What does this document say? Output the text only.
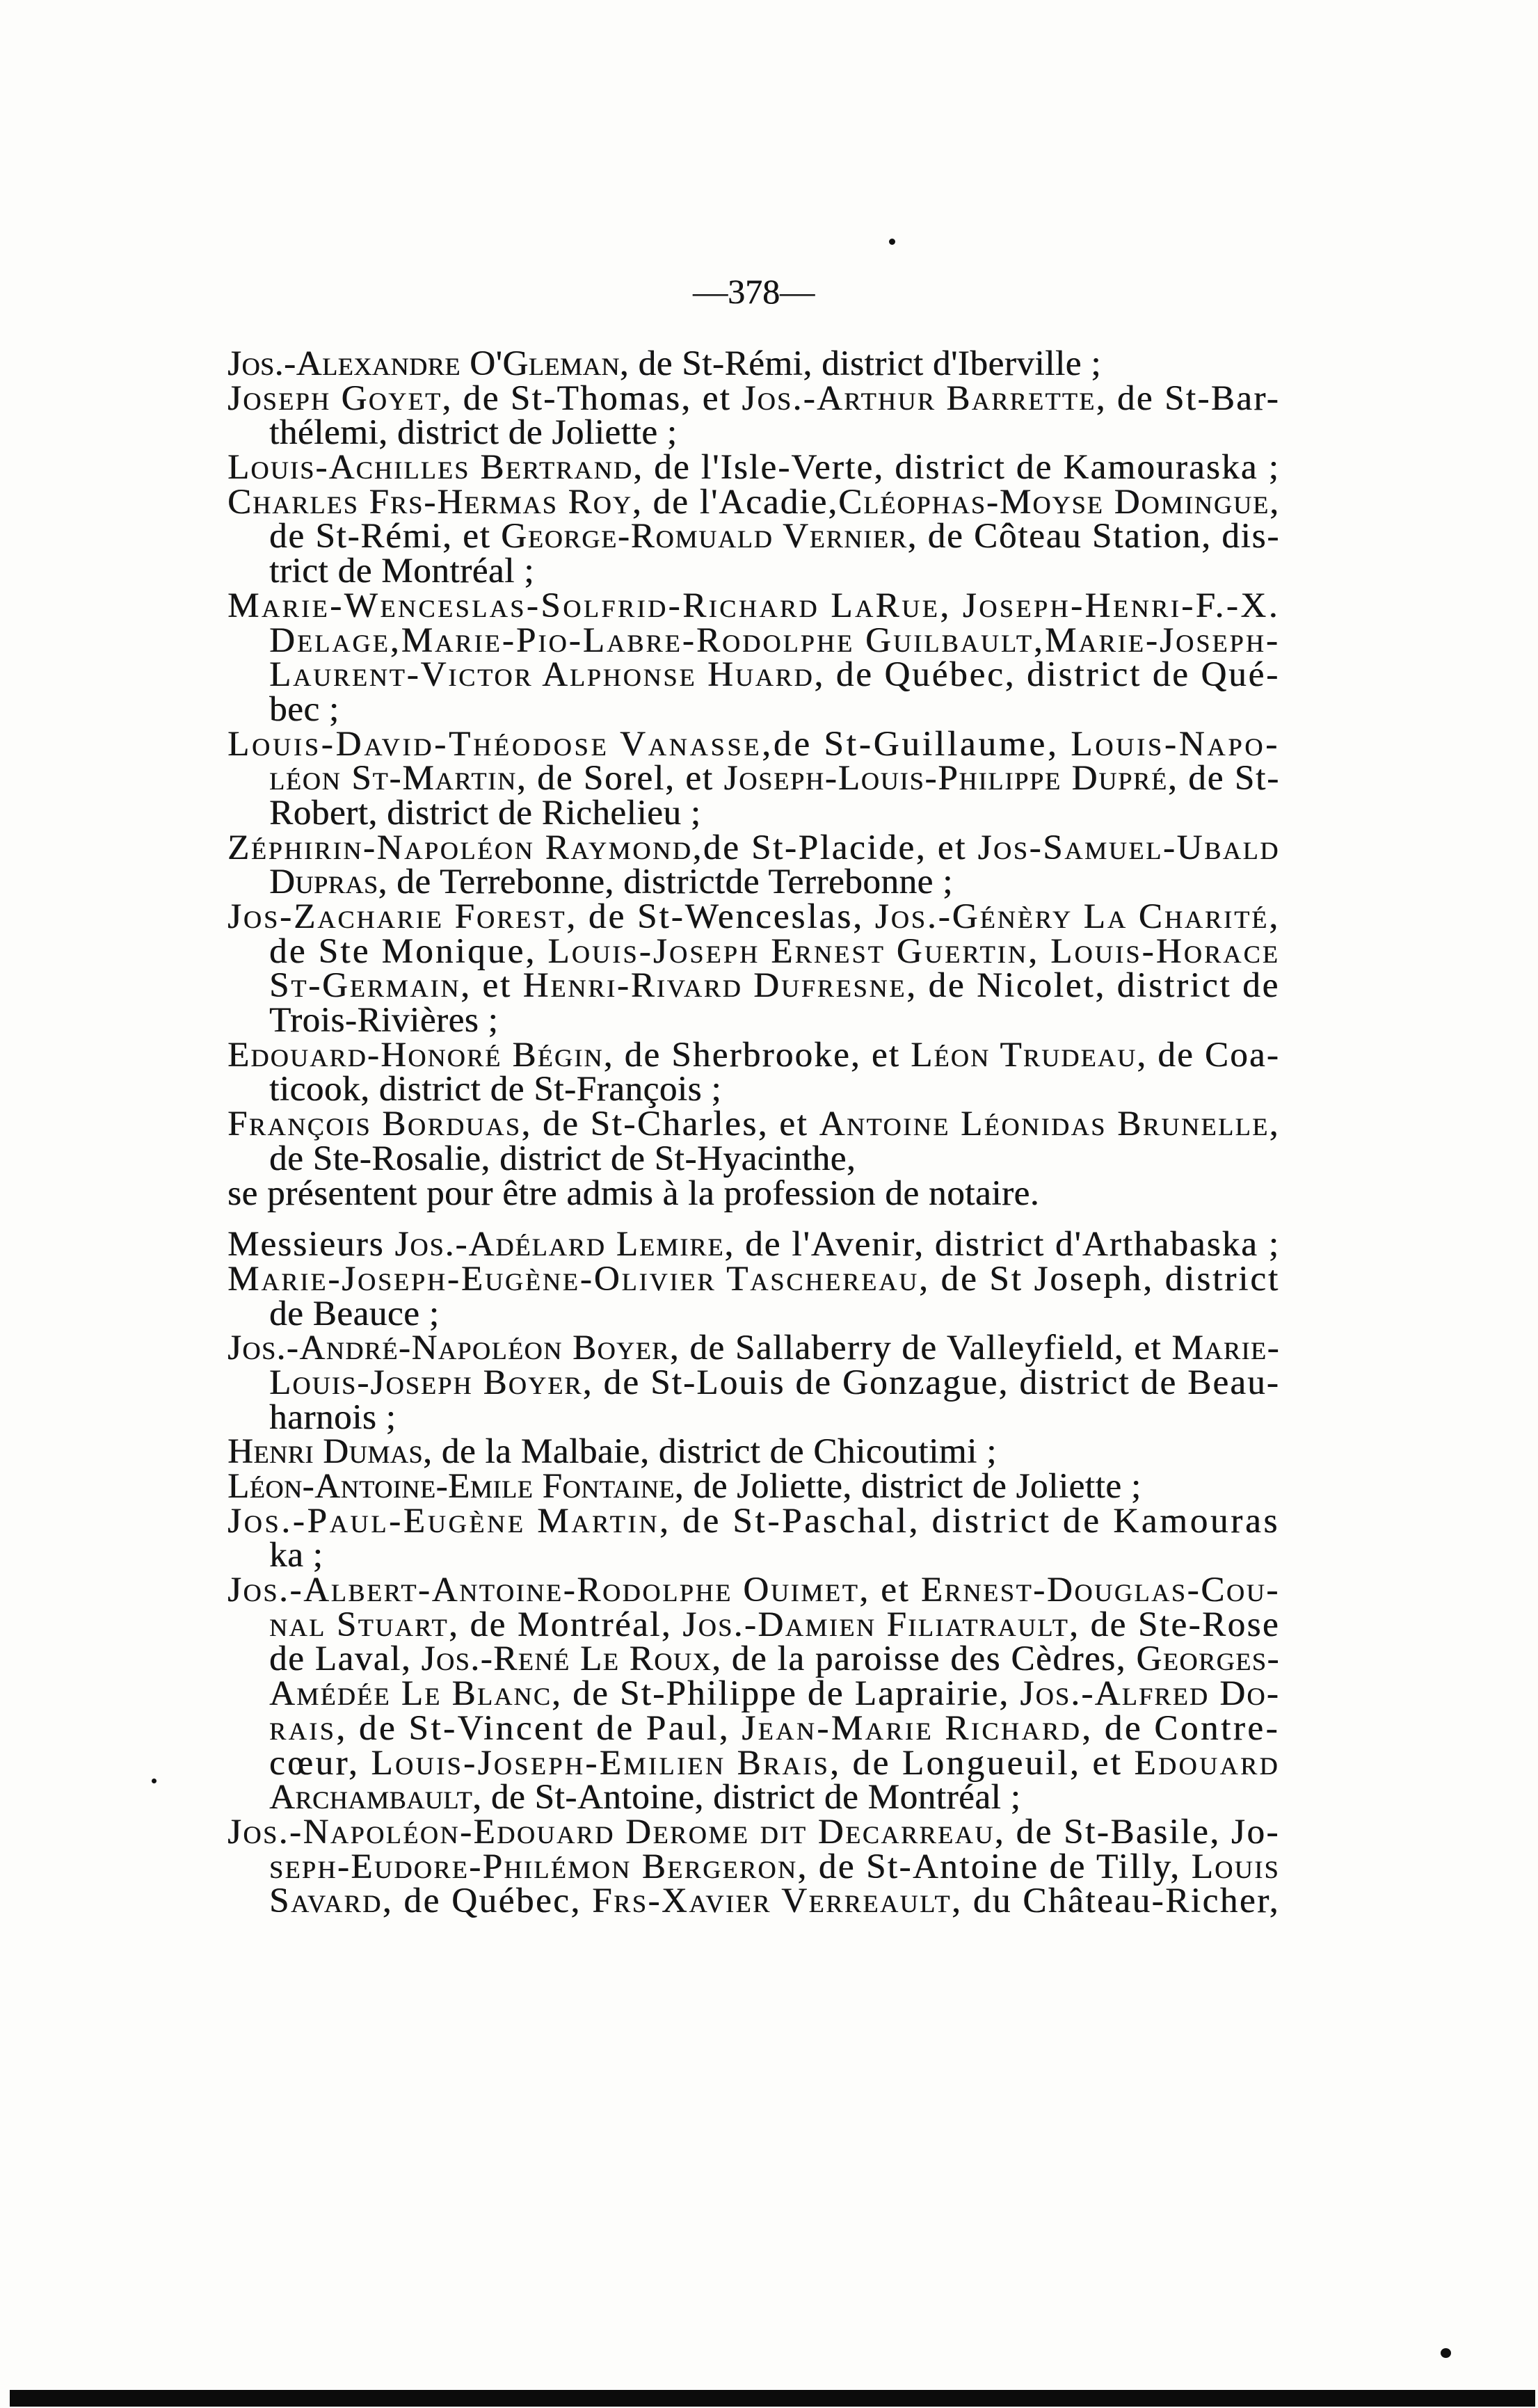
—378—
Jos.-Alexandre O'Gleman, de St-Rémi, district d'Iberville ;
Joseph Goyet, de St-Thomas, et Jos.-Arthur Barrette, de St-Bar-
thélemi, district de Joliette ;
Louis-Achilles Bertrand, de l'Isle-Verte, district de Kamouraska ;
Charles Frs-Hermas Roy, de l'Acadie,Cléophas-Moyse Domingue,
de St-Rémi, et George-Romuald Vernier, de Côteau Station, dis-
trict de Montréal ;
Marie-Wenceslas-Solfrid-Richard LaRue, Joseph-Henri-F.-X.
Delage,Marie-Pio-Labre-Rodolphe Guilbault,Marie-Joseph-
Laurent-Victor Alphonse Huard, de Québec, district de Qué-
bec ;
Louis-David-Théodose Vanasse,de St-Guillaume, Louis-Napo-
léon St-Martin, de Sorel, et Joseph-Louis-Philippe Dupré, de St-
Robert, district de Richelieu ;
Zéphirin-Napoléon Raymond,de St-Placide, et Jos-Samuel-Ubald
Dupras, de Terrebonne, districtde Terrebonne ;
Jos-Zacharie Forest, de St-Wenceslas, Jos.-Génèry La Charité,
de Ste Monique, Louis-Joseph Ernest Guertin, Louis-Horace
St-Germain, et Henri-Rivard Dufresne, de Nicolet, district de
Trois-Rivières ;
Edouard-Honoré Bégin, de Sherbrooke, et Léon Trudeau, de Coa-
ticook, district de St-François ;
François Borduas, de St-Charles, et Antoine Léonidas Brunelle,
de Ste-Rosalie, district de St-Hyacinthe,
se présentent pour être admis à la profession de notaire.
Messieurs Jos.-Adélard Lemire, de l'Avenir, district d'Arthabaska ;
Marie-Joseph-Eugène-Olivier Taschereau, de St Joseph, district
de Beauce ;
Jos.-André-Napoléon Boyer, de Sallaberry de Valleyfield, et Marie-
Louis-Joseph Boyer, de St-Louis de Gonzague, district de Beau-
harnois ;
Henri Dumas, de la Malbaie, district de Chicoutimi ;
Léon-Antoine-Emile Fontaine, de Joliette, district de Joliette ;
Jos.-Paul-Eugène Martin, de St-Paschal, district de Kamouras
ka ;
Jos.-Albert-Antoine-Rodolphe Ouimet, et Ernest-Douglas-Cou-
nal Stuart, de Montréal, Jos.-Damien Filiatrault, de Ste-Rose
de Laval, Jos.-René Le Roux, de la paroisse des Cèdres, Georges-
Amédée Le Blanc, de St-Philippe de Laprairie, Jos.-Alfred Do-
rais, de St-Vincent de Paul, Jean-Marie Richard, de Contre-
cœur, Louis-Joseph-Emilien Brais, de Longueuil, et Edouard
Archambault, de St-Antoine, district de Montréal ;
Jos.-Napoléon-Edouard Derome dit Decarreau, de St-Basile, Jo-
seph-Eudore-Philémon Bergeron, de St-Antoine de Tilly, Louis
Savard, de Québec, Frs-Xavier Verreault, du Château-Richer,
